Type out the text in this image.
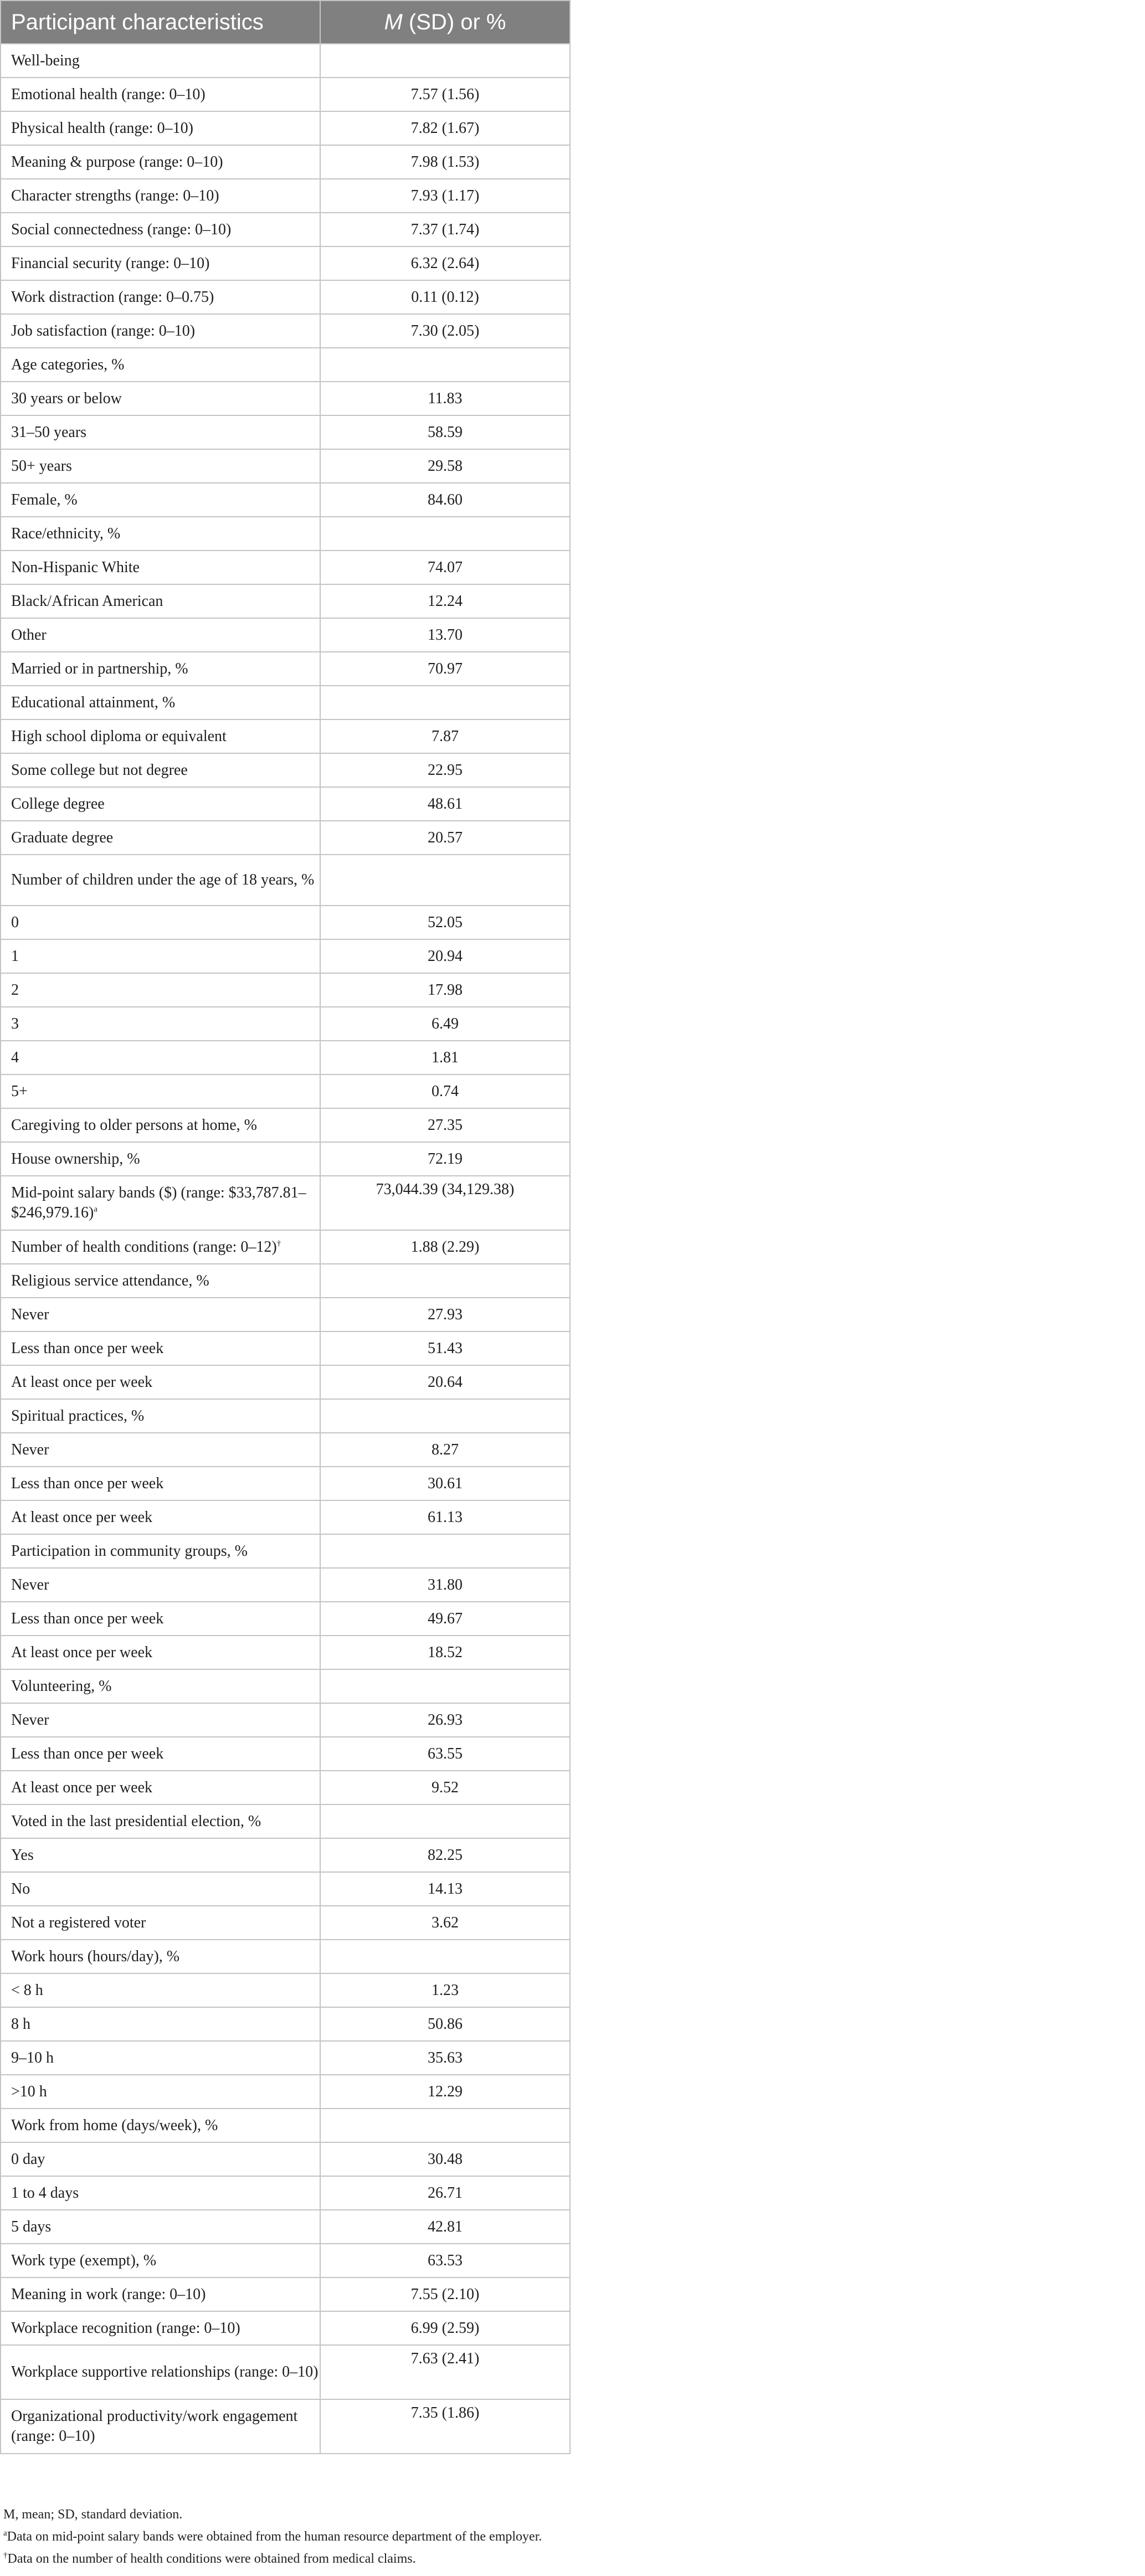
Participant characteristics	M (SD) or %
Well-being	
Emotional health (range: 0–10)	7.57 (1.56)
Physical health (range: 0–10)	7.82 (1.67)
Meaning & purpose (range: 0–10)	7.98 (1.53)
Character strengths (range: 0–10)	7.93 (1.17)
Social connectedness (range: 0–10)	7.37 (1.74)
Financial security (range: 0–10)	6.32 (2.64)
Work distraction (range: 0–0.75)	0.11 (0.12)
Job satisfaction (range: 0–10)	7.30 (2.05)
Age categories, %	
30 years or below	11.83
31–50 years	58.59
50+ years	29.58
Female, %	84.60
Race/ethnicity, %	
Non-Hispanic White	74.07
Black/African American	12.24
Other	13.70
Married or in partnership, %	70.97
Educational attainment, %	
High school diploma or equivalent	7.87
Some college but not degree	22.95
College degree	48.61
Graduate degree	20.57
Number of children under the age of 18 years, %	
0	52.05
1	20.94
2	17.98
3	6.49
4	1.81
5+	0.74
Caregiving to older persons at home, %	27.35
House ownership, %	72.19
Mid-point salary bands ($) (range: $33,787.81–$246,979.16)$^a$	73,044.39 (34,129.38)
Number of health conditions (range: 0–12)†	1.88 (2.29)
Religious service attendance, %	
Never	27.93
Less than once per week	51.43
At least once per week	20.64
Spiritual practices, %	
Never	8.27
Less than once per week	30.61
At least once per week	61.13
Participation in community groups, %	
Never	31.80
Less than once per week	49.67
At least once per week	18.52
Volunteering, %	
Never	26.93
Less than once per week	63.55
At least once per week	9.52
Voted in the last presidential election, %	
Yes	82.25
No	14.13
Not a registered voter	3.62
Work hours (hours/day), %	
< 8 h	1.23
8 h	50.86
9–10 h	35.63
>10 h	12.29
Work from home (days/week), %	
0 day	30.48
1 to 4 days	26.71
5 days	42.81
Work type (exempt), %	63.53
Meaning in work (range: 0–10)	7.55 (2.10)
Workplace recognition (range: 0–10)	6.99 (2.59)
Workplace supportive relationships (range: 0–10)	7.63 (2.41)
Organizational productivity/work engagement (range: 0–10)	7.35 (1.86)
M, mean; SD, standard deviation.
$^a$Data on mid-point salary bands were obtained from the human resource department of the employer.
†Data on the number of health conditions were obtained from medical claims.
